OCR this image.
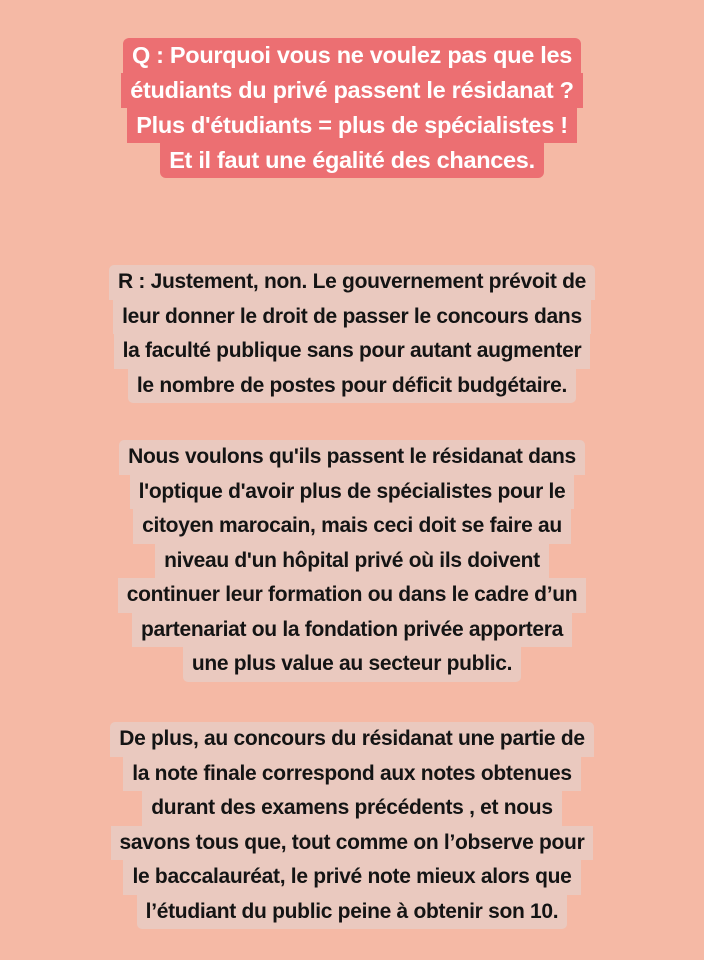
Q : Pourquoi vous ne voulez pas que les
étudiants du privé passent le résidanat ?
Plus d'étudiants = plus de spécialistes !
Et il faut une égalité des chances.
R : Justement, non. Le gouvernement prévoit de
leur donner le droit de passer le concours dans
la faculté publique sans pour autant augmenter
le nombre de postes pour déficit budgétaire.
Nous voulons qu'ils passent le résidanat dans
l'optique d'avoir plus de spécialistes pour le
citoyen marocain, mais ceci doit se faire au
niveau d'un hôpital privé où ils doivent
continuer leur formation ou dans le cadre d’un
partenariat ou la fondation privée apportera
une plus value au secteur public.
De plus, au concours du résidanat une partie de
la note finale correspond aux notes obtenues
durant des examens précédents , et nous
savons tous que, tout comme on l’observe pour
le baccalauréat, le privé note mieux alors que
l’étudiant du public peine à obtenir son 10.
